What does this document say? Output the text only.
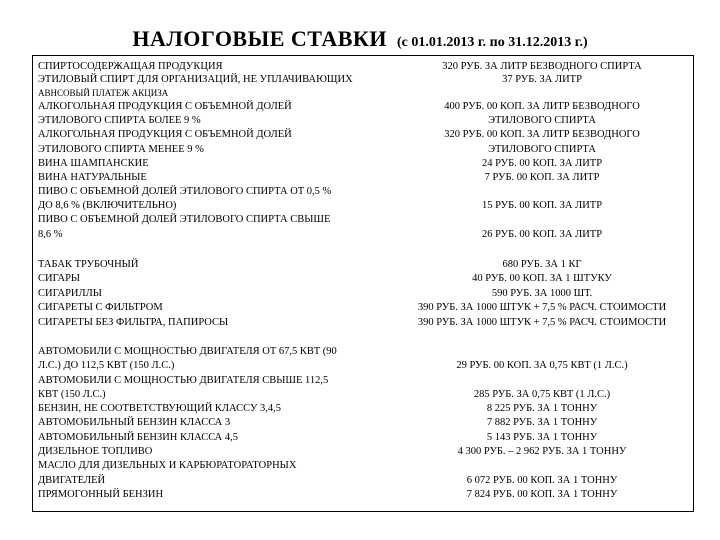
НАЛОГОВЫЕ СТАВКИ (с 01.01.2013 г. по 31.12.2013 г.)
СПИРТОСОДЕРЖАЩАЯ ПРОДУКЦИЯ
ЭТИЛОВЫЙ СПИРТ ДЛЯ ОРГАНИЗАЦИЙ, НЕ УПЛАЧИВАЮЩИХ
АВНСОВЫЙ ПЛАТЕЖ АКЦИЗА
АЛКОГОЛЬНАЯ ПРОДУКЦИЯ С ОБЪЕМНОЙ ДОЛЕЙ
ЭТИЛОВОГО СПИРТА БОЛЕЕ 9 %
АЛКОГОЛЬНАЯ ПРОДУКЦИЯ С ОБЪЕМНОЙ ДОЛЕЙ
ЭТИЛОВОГО СПИРТА МЕНЕЕ 9 %
ВИНА ШАМПАНСКИЕ
ВИНА НАТУРАЛЬНЫЕ
ПИВО С ОБЪЕМНОЙ ДОЛЕЙ ЭТИЛОВОГО СПИРТА ОТ 0,5 %
ДО 8,6 % (ВКЛЮЧИТЕЛЬНО)
ПИВО С ОБЪЕМНОЙ ДОЛЕЙ ЭТИЛОВОГО СПИРТА СВЫШЕ
8,6 %
ТАБАК ТРУБОЧНЫЙ
СИГАРЫ
СИГАРИЛЛЫ
СИГАРЕТЫ С ФИЛЬТРОМ
СИГАРЕТЫ БЕЗ ФИЛЬТРА, ПАПИРОСЫ
АВТОМОБИЛИ С МОЩНОСТЬЮ ДВИГАТЕЛЯ ОТ 67,5 КВТ (90
Л.С.) ДО 112,5 КВТ (150 Л.С.)
АВТОМОБИЛИ С МОЩНОСТЬЮ ДВИГАТЕЛЯ СВЫШЕ 112,5
КВТ (150 Л.С.)
БЕНЗИН, НЕ СООТВЕТСТВУЮЩИЙ КЛАССУ 3,4,5
АВТОМОБИЛЬНЫЙ БЕНЗИН КЛАССА 3
АВТОМОБИЛЬНЫЙ БЕНЗИН КЛАССА 4,5
ДИЗЕЛЬНОЕ ТОПЛИВО
МАСЛО ДЛЯ ДИЗЕЛЬНЫХ И КАРБЮРАТОРАТОРНЫХ
ДВИГАТЕЛЕЙ
ПРЯМОГОННЫЙ БЕНЗИН
320 РУБ. ЗА ЛИТР БЕЗВОДНОГО СПИРТА
37 РУБ. ЗА ЛИТР
400 РУБ. 00 КОП. ЗА ЛИТР БЕЗВОДНОГО
ЭТИЛОВОГО СПИРТА
320 РУБ. 00 КОП. ЗА ЛИТР БЕЗВОДНОГО
ЭТИЛОВОГО СПИРТА
24 РУБ. 00 КОП. ЗА ЛИТР
7 РУБ. 00 КОП. ЗА ЛИТР
15 РУБ. 00 КОП. ЗА ЛИТР
26 РУБ. 00 КОП. ЗА ЛИТР
680 РУБ. ЗА 1 КГ
40 РУБ. 00 КОП. ЗА 1 ШТУКУ
590 РУБ. ЗА 1000 ШТ.
390 РУБ. ЗА 1000 ШТУК + 7,5 % РАСЧ. СТОИМОСТИ
390 РУБ. ЗА 1000 ШТУК + 7,5 % РАСЧ. СТОИМОСТИ
29 РУБ. 00 КОП. ЗА 0,75 КВТ (1 Л.С.)
285 РУБ. ЗА 0,75 КВТ (1 Л.С.)
8 225 РУБ. ЗА 1 ТОННУ
7 882 РУБ. ЗА 1 ТОННУ
5 143 РУБ. ЗА 1 ТОННУ
4 300 РУБ. – 2 962 РУБ. ЗА 1 ТОННУ
6 072 РУБ. 00 КОП. ЗА 1 ТОННУ
7 824 РУБ. 00 КОП. ЗА 1 ТОННУ
